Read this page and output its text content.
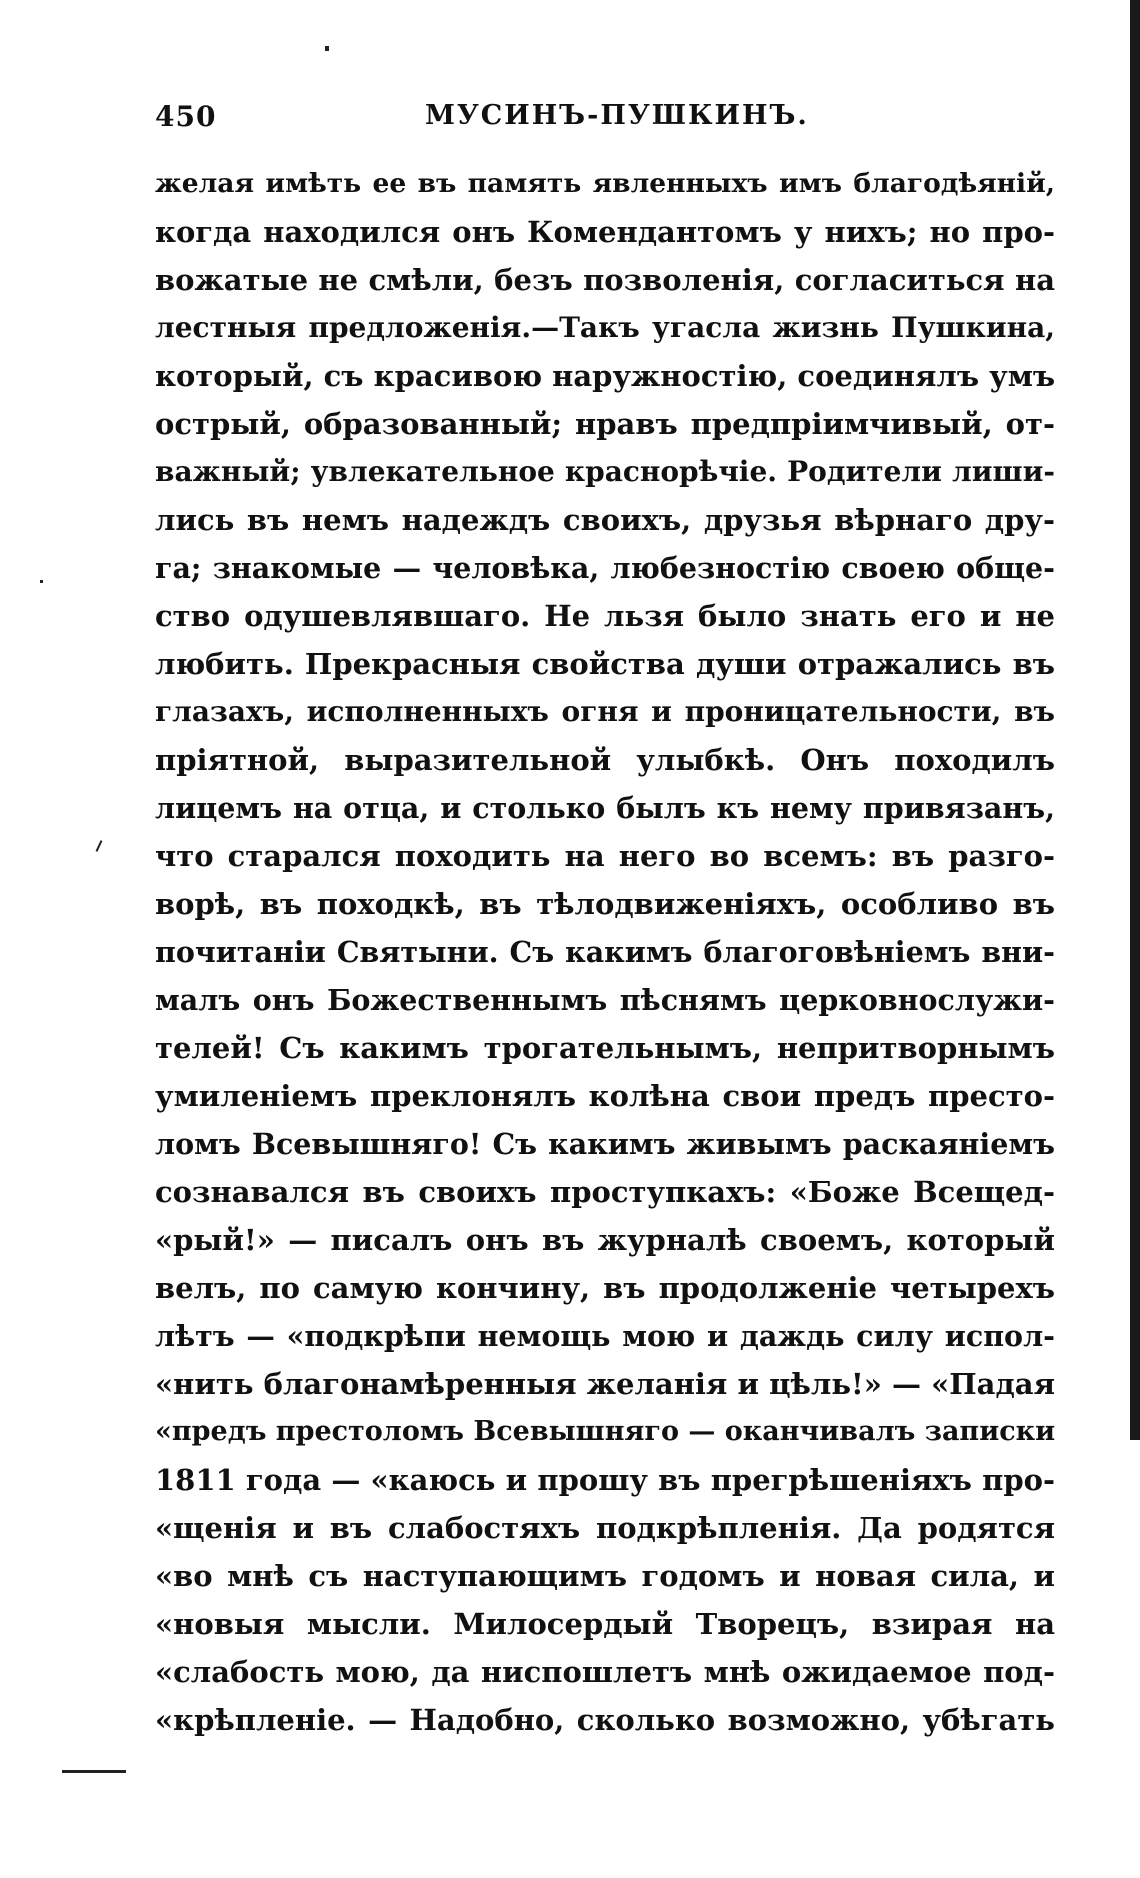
450	МУСИНЪ-ПУШКИНЪ.
желая имѣть ее въ память явленныхъ имъ благодѣяній,
когда находился онъ Комендантомъ у нихъ; но про-
вожатые не смѣли, безъ позволенія, согласиться на
лестныя предложенія.—Такъ угасла жизнь Пушкина,
который, съ красивою наружностію, соединялъ умъ
острый, образованный; нравъ предпріимчивый, от-
важный; увлекательное краснорѣчіе. Родители лиши-
лись въ немъ надеждъ своихъ, друзья вѣрнаго дру-
га; знакомые — человѣка, любезностію своею обще-
ство одушевлявшаго. Не льзя было знать его и не
любить. Прекрасныя свойства души отражались въ
глазахъ, исполненныхъ огня и проницательности, въ
пріятной, выразительной улыбкѣ. Онъ походилъ
лицемъ на отца, и столько былъ къ нему привязанъ,
что старался походить на него во всемъ: въ разго-
ворѣ, въ походкѣ, въ тѣлодвиженіяхъ, особливо въ
почитаніи Святыни. Съ какимъ благоговѣніемъ вни-
малъ онъ Божественнымъ пѣснямъ церковнослужи-
телей! Съ какимъ трогательнымъ, непритворнымъ
умиленіемъ преклонялъ колѣна свои предъ престо-
ломъ Всевышняго! Съ какимъ живымъ раскаяніемъ
сознавался въ своихъ проступкахъ: «Боже Всещед-
«рый!» — писалъ онъ въ журналѣ своемъ, который
велъ, по самую кончину, въ продолженіе четырехъ
лѣтъ — «подкрѣпи немощь мою и даждь силу испол-
«нить благонамѣренныя желанія и цѣль!» — «Падая
«предъ престоломъ Всевышняго — оканчивалъ записки
1811 года — «каюсь и прошу въ прегрѣшеніяхъ про-
«щенія и въ слабостяхъ подкрѣпленія. Да родятся
«во мнѣ съ наступающимъ годомъ и новая сила, и
«новыя мысли. Милосердый Творецъ, взирая на
«слабость мою, да ниспошлетъ мнѣ ожидаемое под-
«крѣпленіе. — Надобно, сколько возможно, убѣгать
